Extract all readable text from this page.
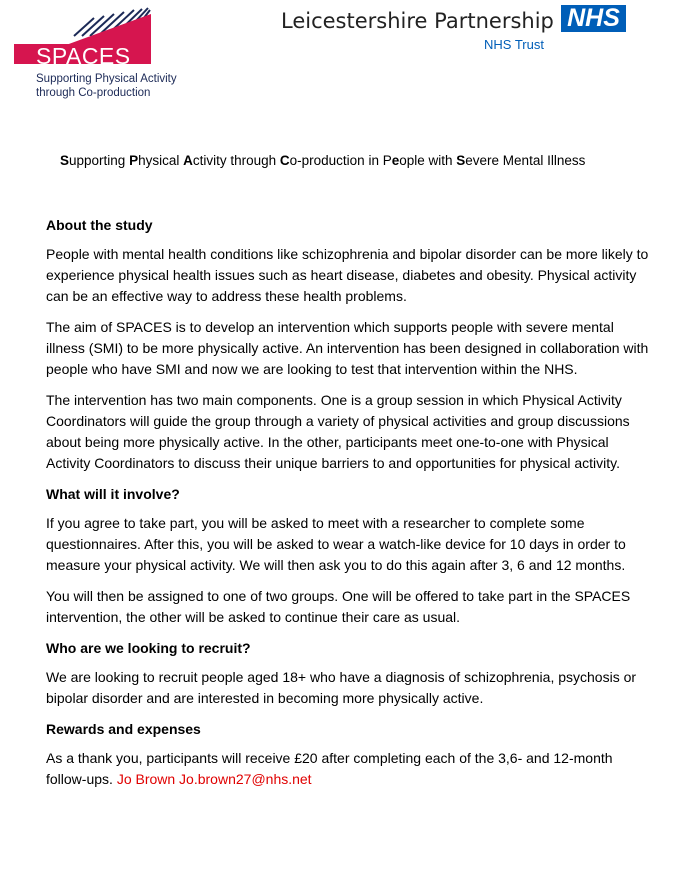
SPACES
Supporting Physical Activity
through Co-production
Leicestershire Partnership NHS
NHS Trust
Supporting Physical Activity through Co-production in People with Severe Mental Illness
About the study

People with mental health conditions like schizophrenia and bipolar disorder can be more likely to experience physical health issues such as heart disease, diabetes and obesity. Physical activity can be an effective way to address these health problems.

The aim of SPACES is to develop an intervention which supports people with severe mental illness (SMI) to be more physically active. An intervention has been designed in collaboration with people who have SMI and now we are looking to test that intervention within the NHS.

The intervention has two main components. One is a group session in which Physical Activity Coordinators will guide the group through a variety of physical activities and group discussions about being more physically active. In the other, participants meet one-to-one with Physical Activity Coordinators to discuss their unique barriers to and opportunities for physical activity.

What will it involve?

If you agree to take part, you will be asked to meet with a researcher to complete some questionnaires. After this, you will be asked to wear a watch-like device for 10 days in order to measure your physical activity. We will then ask you to do this again after 3, 6 and 12 months.

You will then be assigned to one of two groups. One will be offered to take part in the SPACES intervention, the other will be asked to continue their care as usual.

Who are we looking to recruit?

We are looking to recruit people aged 18+ who have a diagnosis of schizophrenia, psychosis or bipolar disorder and are interested in becoming more physically active.

Rewards and expenses

As a thank you, participants will receive £20 after completing each of the 3,6- and 12-month follow-ups. Jo Brown Jo.brown27@nhs.net
